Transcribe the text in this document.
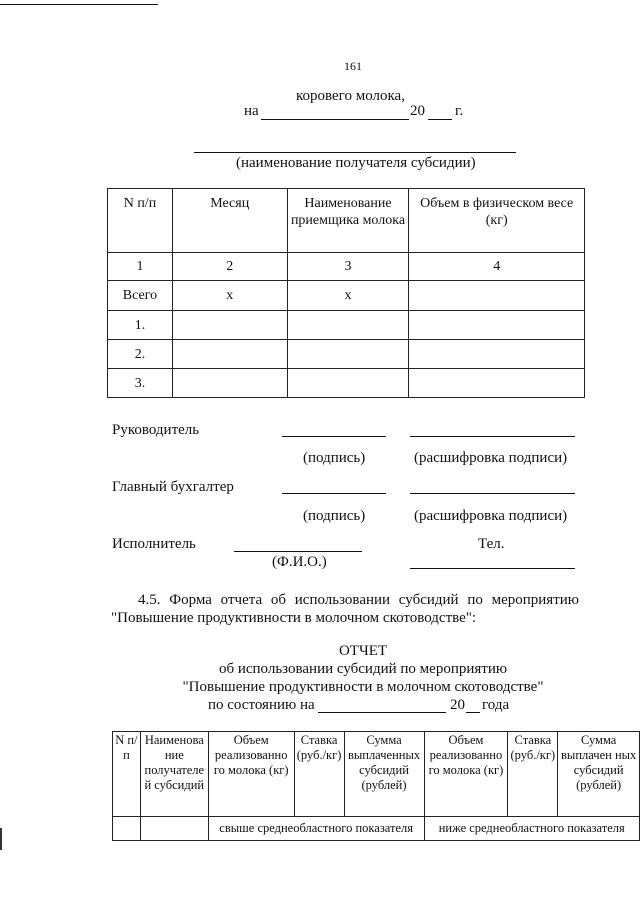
161
коровего молока,
на	20 г.
(наименование получателя субсидии)
N п/п	Месяц	Наименование приемщика молока	Объем в физическом весе (кг)
1	2	3	4
Всего	х	х	
1.			
2.			
3.			
Руководитель
(подпись)	(расшифровка подписи)
Главный бухгалтер
(подпись)	(расшифровка подписи)
Исполнитель
(Ф.И.О.)
Тел.
4.5. Форма отчета об использовании субсидий по мероприятию
"Повышение продуктивности в молочном скотоводстве":
ОТЧЕТ
об использовании субсидий по мероприятию
"Повышение продуктивности в молочном скотоводстве"
по состоянию на	20 года
N п/п	Наименова ние получателе й субсидий	Объем реализованно го молока (кг)	Ставка (руб./кг)	Сумма выплаченных субсидий (рублей)	Объем реализованно го молока (кг)	Ставка (руб./кг)	Сумма выплачен ных субсидий (рублей)
		свыше среднеобластного показателя			ниже среднеобластного показателя		
